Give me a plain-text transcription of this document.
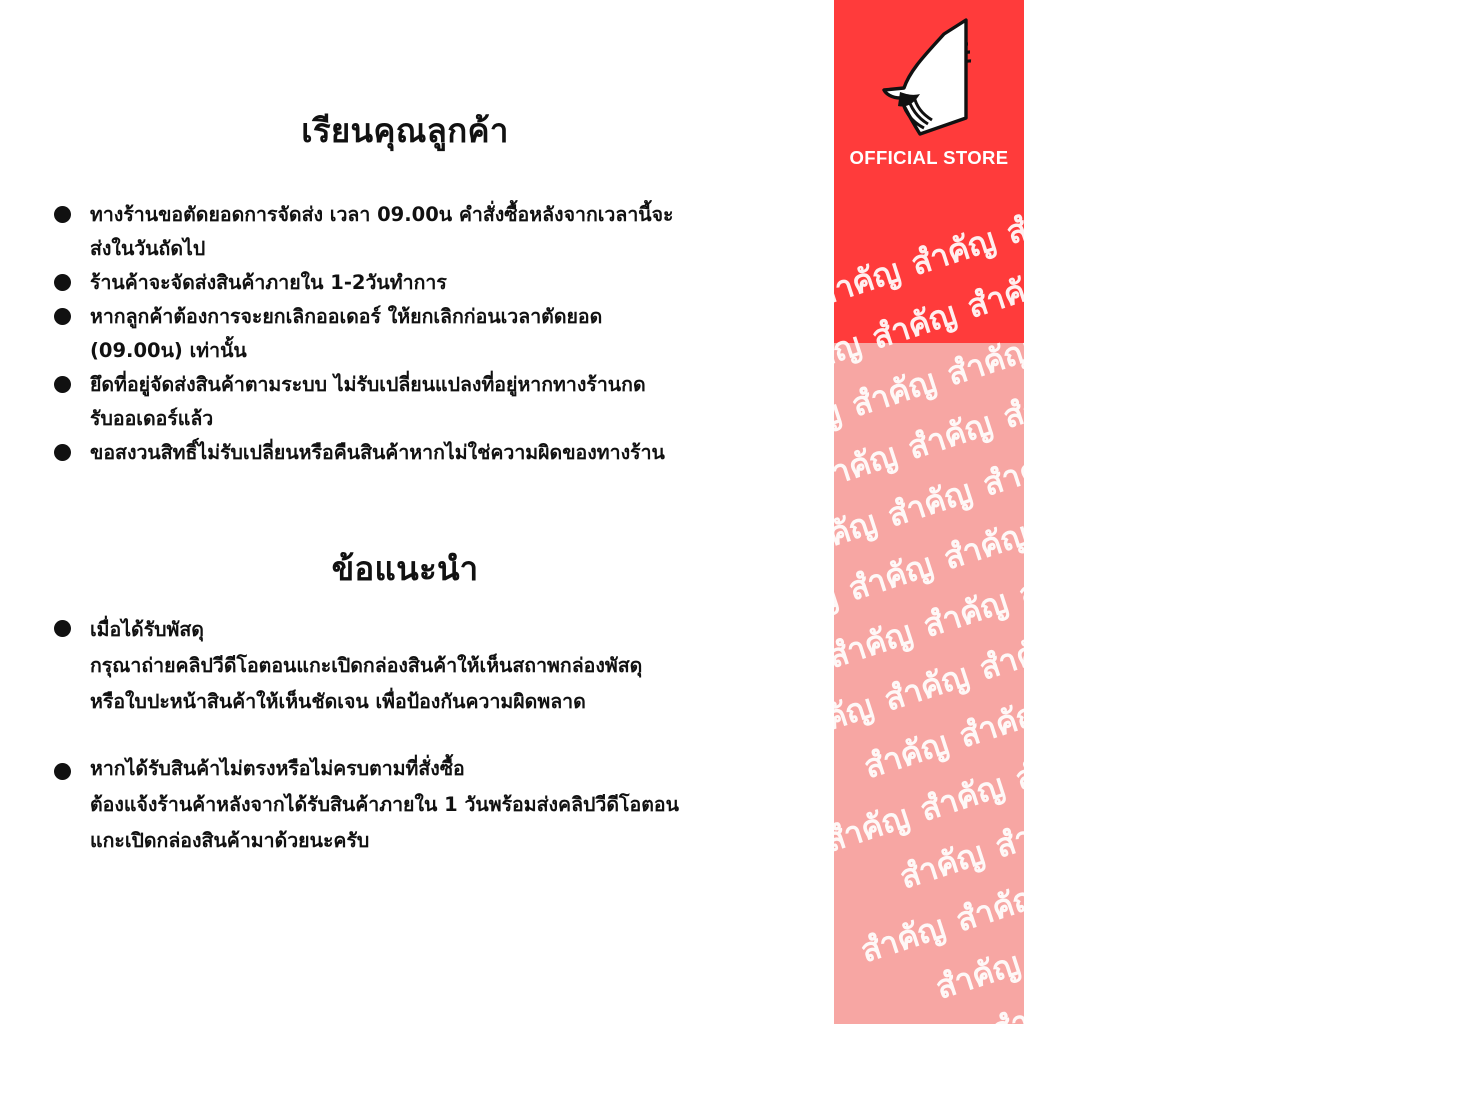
เรียนคุณลูกค้า
ทางร้านขอตัดยอดการจัดส่ง เวลา 09.00น คำสั่งซื้อหลังจากเวลานี้จะ
ส่งในวันถัดไป
ร้านค้าจะจัดส่งสินค้าภายใน 1-2วันทำการ
หากลูกค้าต้องการจะยกเลิกออเดอร์ ให้ยกเลิกก่อนเวลาตัดยอด
(09.00น) เท่านั้น
ยึดที่อยู่จัดส่งสินค้าตามระบบ ไม่รับเปลี่ยนแปลงที่อยู่หากทางร้านกด
รับออเดอร์แล้ว
ขอสงวนสิทธิ์ไม่รับเปลี่ยนหรือคืนสินค้าหากไม่ใช่ความผิดของทางร้าน
ข้อแนะนำ
เมื่อได้รับพัสดุ
กรุณาถ่ายคลิปวีดีโอตอนแกะเปิดกล่องสินค้าให้เห็นสถาพกล่องพัสดุ
หรือใบปะหน้าสินค้าให้เห็นชัดเจน เพื่อป้องกันความผิดพลาด
หากได้รับสินค้าไม่ตรงหรือไม่ครบตามที่สั่งซื้อ
ต้องแจ้งร้านค้าหลังจากได้รับสินค้าภายใน 1 วันพร้อมส่งคลิปวีดีโอตอน
แกะเปิดกล่องสินค้ามาด้วยนะครับ
OFFICIAL STORE
สำคัญสำคัญสำคัญสำคัญสำคัญ
สำคัญสำคัญสำคัญสำคัญสำคัญ
สำคัญสำคัญสำคัญสำคัญสำคัญ
สำคัญสำคัญสำคัญสำคัญสำคัญ
สำคัญสำคัญสำคัญสำคัญสำคัญ
สำคัญสำคัญสำคัญสำคัญสำคัญ
สำคัญสำคัญสำคัญสำคัญสำคัญ
สำคัญสำคัญสำคัญสำคัญสำคัญ
สำคัญสำคัญสำคัญสำคัญสำคัญ
สำคัญสำคัญสำคัญสำคัญสำคัญ
สำคัญสำคัญสำคัญสำคัญสำคัญ
สำคัญสำคัญสำคัญสำคัญสำคัญ
สำคัญสำคัญสำคัญสำคัญสำคัญ
สำคัญสำคัญสำคัญสำคัญสำคัญ
